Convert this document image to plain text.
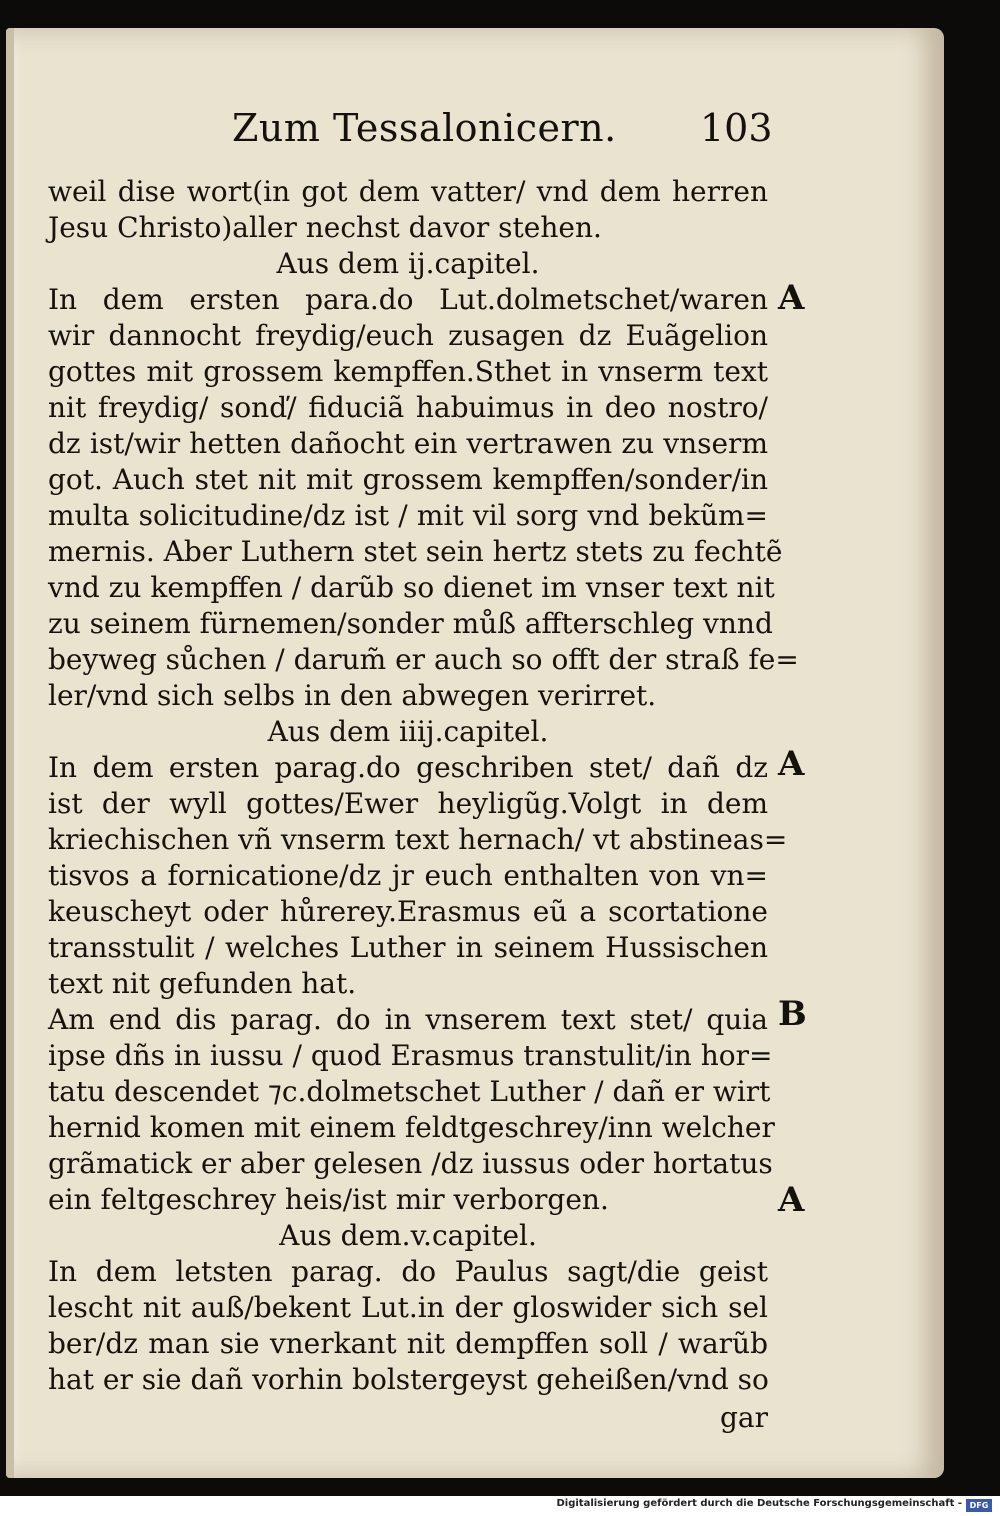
Zum Tessalonicern. 103
weil dise wort(in got dem vatter/ vnd dem herren
Jesu Christo)aller nechst davor stehen.
Aus dem ij.capitel.
In dem ersten para.do Lut.dolmetschet/waren
wir dannocht freydig/euch zusagen dz Euãgelion
gottes mit grossem kempffen.Sthet in vnserm text
nit freydig/ sonď/ fiduciã habuimus in deo nostro/
dz ist/wir hetten dañocht ein vertrawen zu vnserm
got. Auch stet nit mit grossem kempffen/sonder/in
multa solicitudine/dz ist / mit vil sorg vnd bekũm=
mernis. Aber Luthern stet sein hertz stets zu fechtẽ
vnd zu kempffen / darũb so dienet im vnser text nit
zu seinem fürnemen/sonder můß affterschleg vnnd
beyweg sůchen / darum̃ er auch so offt der straß fe=
ler/vnd sich selbs in den abwegen verirret.
Aus dem iiij.capitel.
In dem ersten parag.do geschriben stet/ dañ dz
ist der wyll gottes/Ewer heyligũg.Volgt in dem
kriechischen vñ vnserm text hernach/ vt abstineas=
tisvos a fornicatione/dz jr euch enthalten von vn=
keuscheyt oder hůrerey.Erasmus eũ a scortatione
transstulit / welches Luther in seinem Hussischen
text nit gefunden hat.
Am end dis parag. do in vnserem text stet/ quia
ipse dñs in iussu / quod Erasmus transtulit/in hor=
tatu descendet ⁊c.dolmetschet Luther / dañ er wirt
hernid komen mit einem feldtgeschrey/inn welcher
grãmatick er aber gelesen /dz iussus oder hortatus
ein feltgeschrey heis/ist mir verborgen.
Aus dem.v.capitel.
In dem letsten parag. do Paulus sagt/die geist
lescht nit auß/bekent Lut.in der gloswider sich sel
ber/dz man sie vnerkant nit dempffen soll / warũb
hat er sie dañ vorhin bolstergeyst geheißen/vnd so
gar
A
A
B
A
Digitalisierung gefördert durch die Deutsche Forschungsgemeinschaft - DFG
